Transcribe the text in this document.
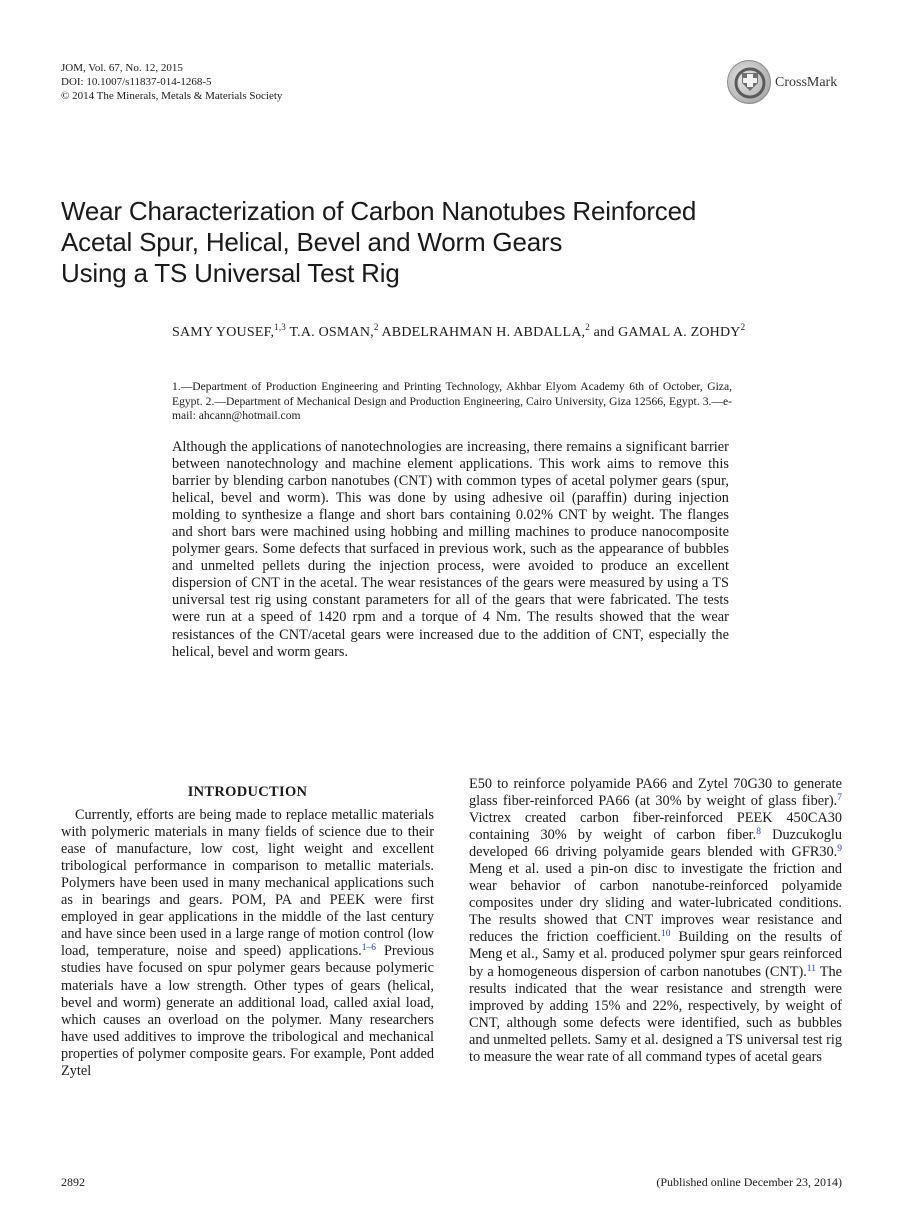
JOM, Vol. 67, No. 12, 2015
DOI: 10.1007/s11837-014-1268-5
© 2014 The Minerals, Metals & Materials Society
CrossMark
Wear Characterization of Carbon Nanotubes Reinforced
Acetal Spur, Helical, Bevel and Worm Gears
Using a TS Universal Test Rig
SAMY YOUSEF,$^{1,3}$ T.A. OSMAN,$^2$ ABDELRAHMAN H. ABDALLA,$^2$ and GAMAL A. ZOHDY$^2$
1.—Department of Production Engineering and Printing Technology, Akhbar Elyom Academy 6th of October, Giza, Egypt. 2.—Department of Mechanical Design and Production Engineering, Cairo University, Giza 12566, Egypt. 3.—e-mail: ahcann@hotmail.com
Although the applications of nanotechnologies are increasing, there remains a significant barrier between nanotechnology and machine element applications. This work aims to remove this barrier by blending carbon nanotubes (CNT) with common types of acetal polymer gears (spur, helical, bevel and worm). This was done by using adhesive oil (paraffin) during injection molding to synthesize a flange and short bars containing 0.02% CNT by weight. The flanges and short bars were machined using hobbing and milling machines to produce nanocomposite polymer gears. Some defects that surfaced in previous work, such as the appearance of bubbles and unmelted pellets during the injection process, were avoided to produce an excellent dispersion of CNT in the acetal. The wear resistances of the gears were measured by using a TS universal test rig using constant parameters for all of the gears that were fabricated. The tests were run at a speed of 1420 rpm and a torque of 4 Nm. The results showed that the wear resistances of the CNT/acetal gears were increased due to the addition of CNT, especially the helical, bevel and worm gears.
INTRODUCTION

Currently, efforts are being made to replace metallic materials with polymeric materials in many fields of science due to their ease of manufacture, low cost, light weight and excellent tribological performance in comparison to metallic materials. Polymers have been used in many mechanical applications such as in bearings and gears. POM, PA and PEEK were first employed in gear applications in the middle of the last century and have since been used in a large range of motion control (low load, temperature, noise and speed) applications.$^{1-6}$ Previous studies have focused on spur polymer gears because polymeric materials have a low strength. Other types of gears (helical, bevel and worm) generate an additional load, called axial load, which causes an overload on the polymer. Many researchers have used additives to improve the tribological and mechanical properties of polymer composite gears. For example, Pont added Zytel

E50 to reinforce polyamide PA66 and Zytel 70G30 to generate glass fiber-reinforced PA66 (at 30% by weight of glass fiber).$^7$ Victrex created carbon fiber-reinforced PEEK 450CA30 containing 30% by weight of carbon fiber.$^8$ Duzcukoglu developed 66 driving polyamide gears blended with GFR30.$^9$ Meng et al. used a pin-on disc to investigate the friction and wear behavior of carbon nanotube-reinforced polyamide composites under dry sliding and water-lubricated conditions. The results showed that CNT improves wear resistance and reduces the friction coefficient.$^{10}$ Building on the results of Meng et al., Samy et al. produced polymer spur gears reinforced by a homogeneous dispersion of carbon nanotubes (CNT).$^{11}$ The results indicated that the wear resistance and strength were improved by adding 15% and 22%, respectively, by weight of CNT, although some defects were identified, such as bubbles and unmelted pellets. Samy et al. designed a TS universal test rig to measure the wear rate of all command types of acetal gears

2892	(Published online December 23, 2014)
